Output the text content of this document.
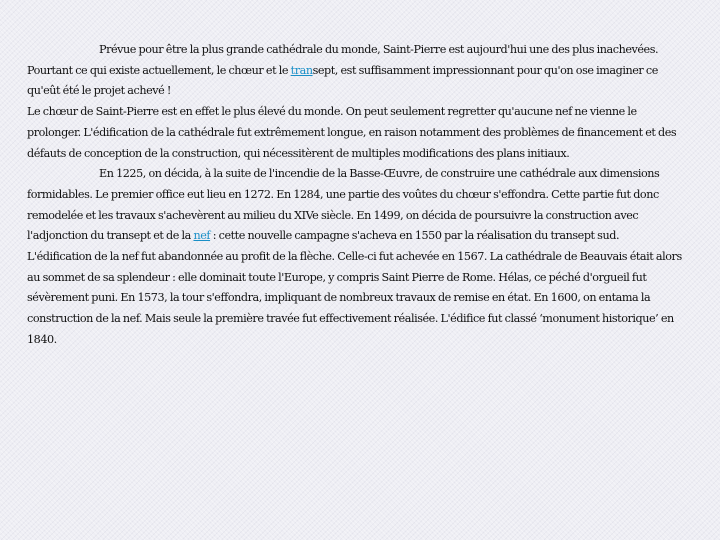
Prévue pour être la plus grande cathédrale du monde, Saint-Pierre est aujourd'hui une des plus inachevées. Pourtant ce qui existe actuellement, le chœur et le transept, est suffisamment impressionnant pour qu'on ose imaginer ce qu'eût été le projet achevé !

Le chœur de Saint-Pierre est en effet le plus élevé du monde. On peut seulement regretter qu'aucune nef ne vienne le prolonger. L'édification de la cathédrale fut extrêmement longue, en raison notamment des problèmes de financement et des défauts de conception de la construction, qui nécessitèrent de multiples modifications des plans initiaux.

En 1225, on décida, à la suite de l'incendie de la Basse-Œuvre, de construire une cathédrale aux dimensions formidables. Le premier office eut lieu en 1272. En 1284, une partie des voûtes du chœur s'effondra. Cette partie fut donc remodelée et les travaux s'achevèrent au milieu du XIVe siècle. En 1499, on décida de poursuivre la construction avec l'adjonction du transept et de la nef : cette nouvelle campagne s'acheva en 1550 par la réalisation du transept sud.

L'édification de la nef fut abandonnée au profit de la flèche. Celle-ci fut achevée en 1567. La cathédrale de Beauvais était alors au sommet de sa splendeur : elle dominait toute l'Europe, y compris Saint Pierre de Rome. Hélas, ce péché d'orgueil fut sévèrement puni. En 1573, la tour s'effondra, impliquant de nombreux travaux de remise en état. En 1600, on entama la construction de la nef. Mais seule la première travée fut effectivement réalisée. L'édifice fut classé ‘monument historique’ en 1840.
